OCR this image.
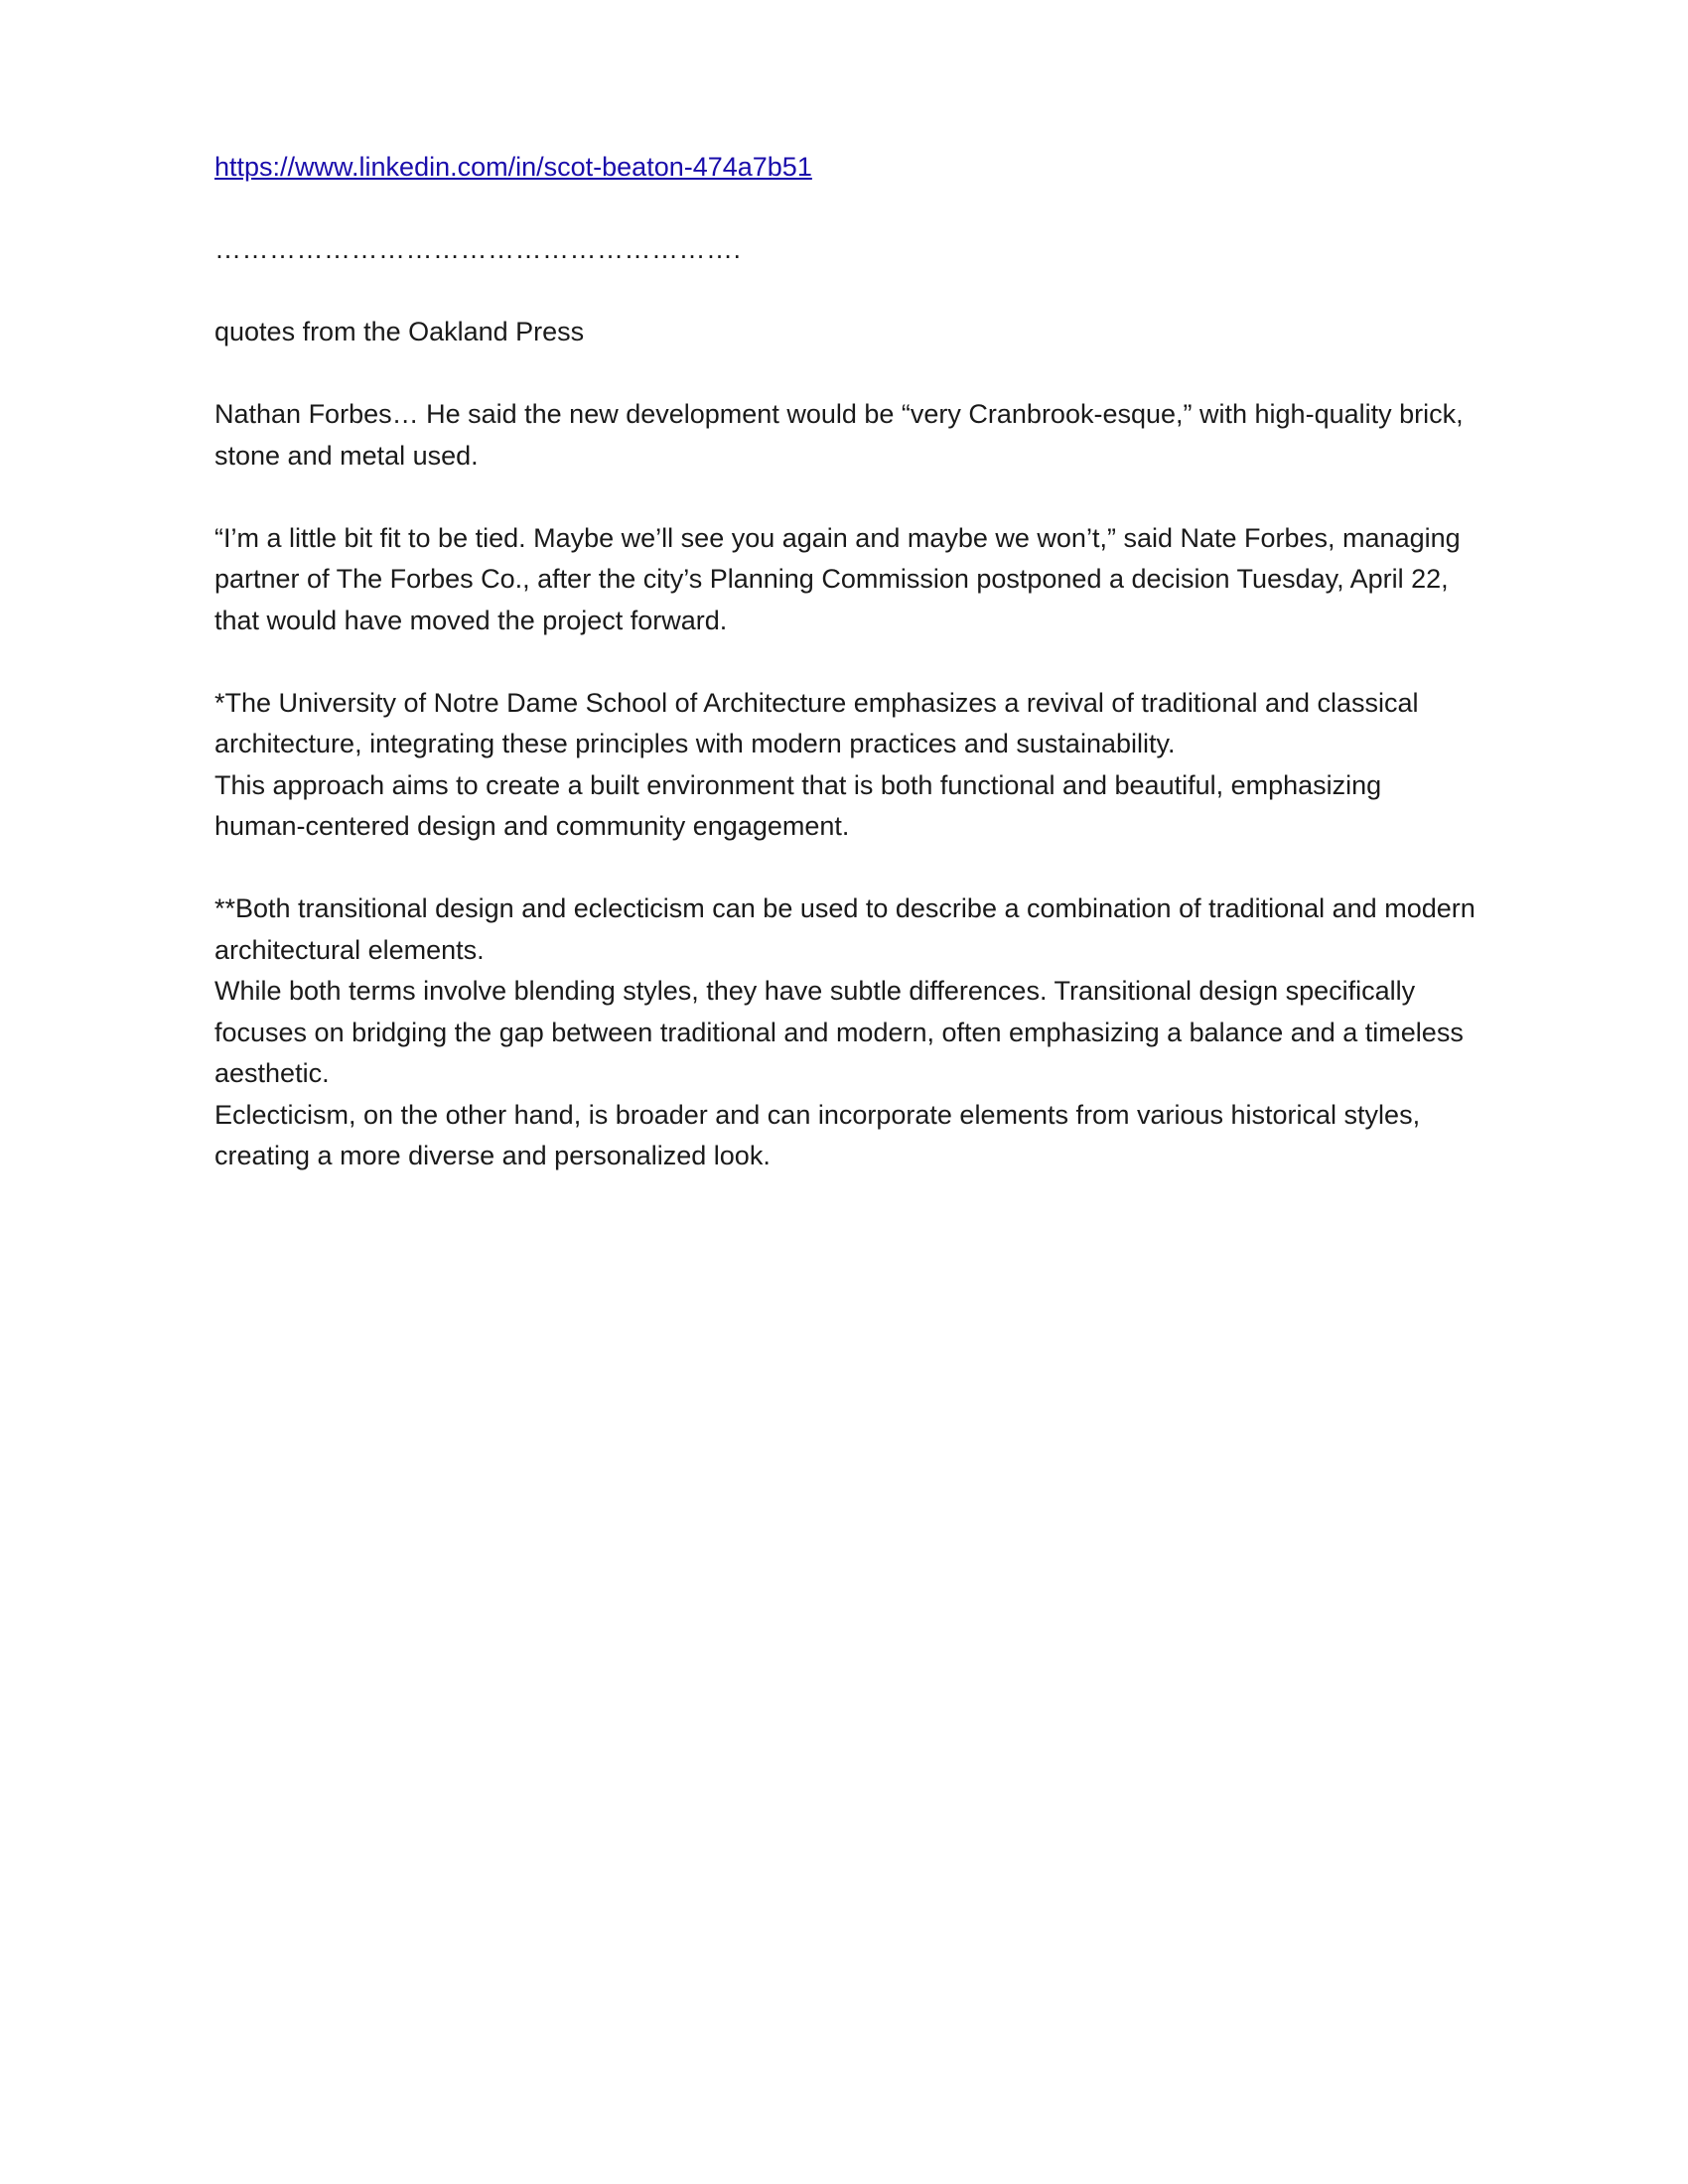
https://www.linkedin.com/in/scot-beaton-474a7b51

………………………………………………….

quotes from the Oakland Press

Nathan Forbes… He said the new development would be “very Cranbrook-esque,” with high-quality brick, stone and metal used.

“I’m a little bit fit to be tied. Maybe we’ll see you again and maybe we won’t,” said Nate Forbes, managing partner of The Forbes Co., after the city’s Planning Commission postponed a decision Tuesday, April 22, that would have moved the project forward.

*The University of Notre Dame School of Architecture emphasizes a revival of traditional and classical architecture, integrating these principles with modern practices and sustainability.
This approach aims to create a built environment that is both functional and beautiful, emphasizing human-centered design and community engagement.
**Both transitional design and eclecticism can be used to describe a combination of traditional and modern architectural elements.
While both terms involve blending styles, they have subtle differences. Transitional design specifically focuses on bridging the gap between traditional and modern, often emphasizing a balance and a timeless aesthetic.
Eclecticism, on the other hand, is broader and can incorporate elements from various historical styles, creating a more diverse and personalized look.
